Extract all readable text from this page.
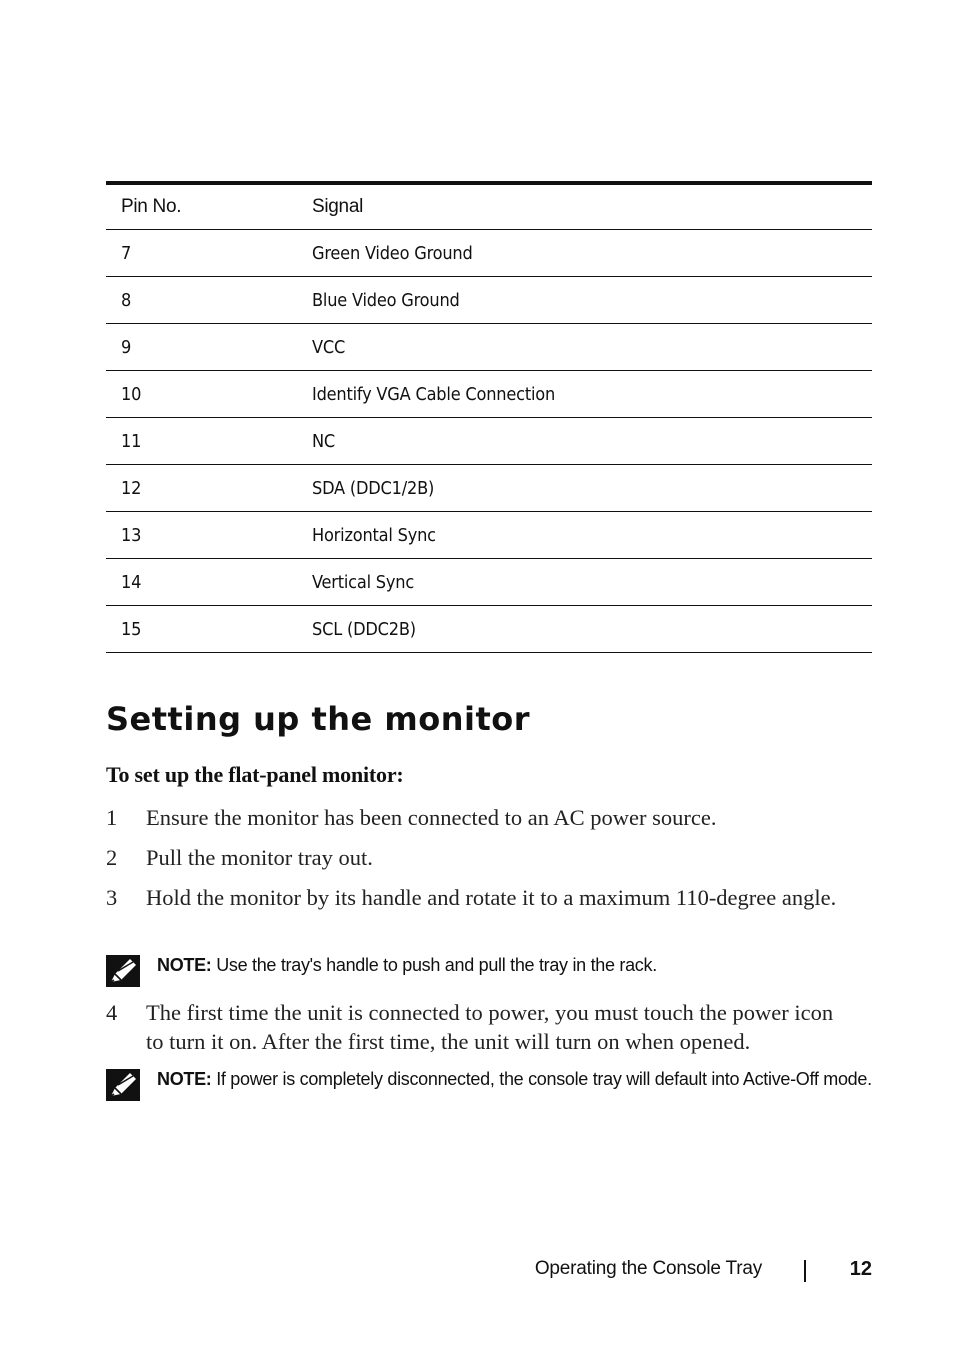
Pin No.	Signal
7	Green Video Ground
8	Blue Video Ground
9	VCC
10	Identify VGA Cable Connection
11	NC
12	SDA (DDC1/2B)
13	Horizontal Sync
14	Vertical Sync
15	SCL (DDC2B)
Setting up the monitor

To set up the flat-panel monitor:

1 Ensure the monitor has been connected to an AC power source.
2 Pull the monitor tray out.
3 Hold the monitor by its handle and rotate it to a maximum 110-degree angle.
NOTE: Use the tray's handle to push and pull the tray in the rack.
4 The first time the unit is connected to power, you must touch the power icon to turn it on. After the first time, the unit will turn on when opened.
NOTE: If power is completely disconnected, the console tray will default into Active-Off mode.
Operating the Console Tray	12
